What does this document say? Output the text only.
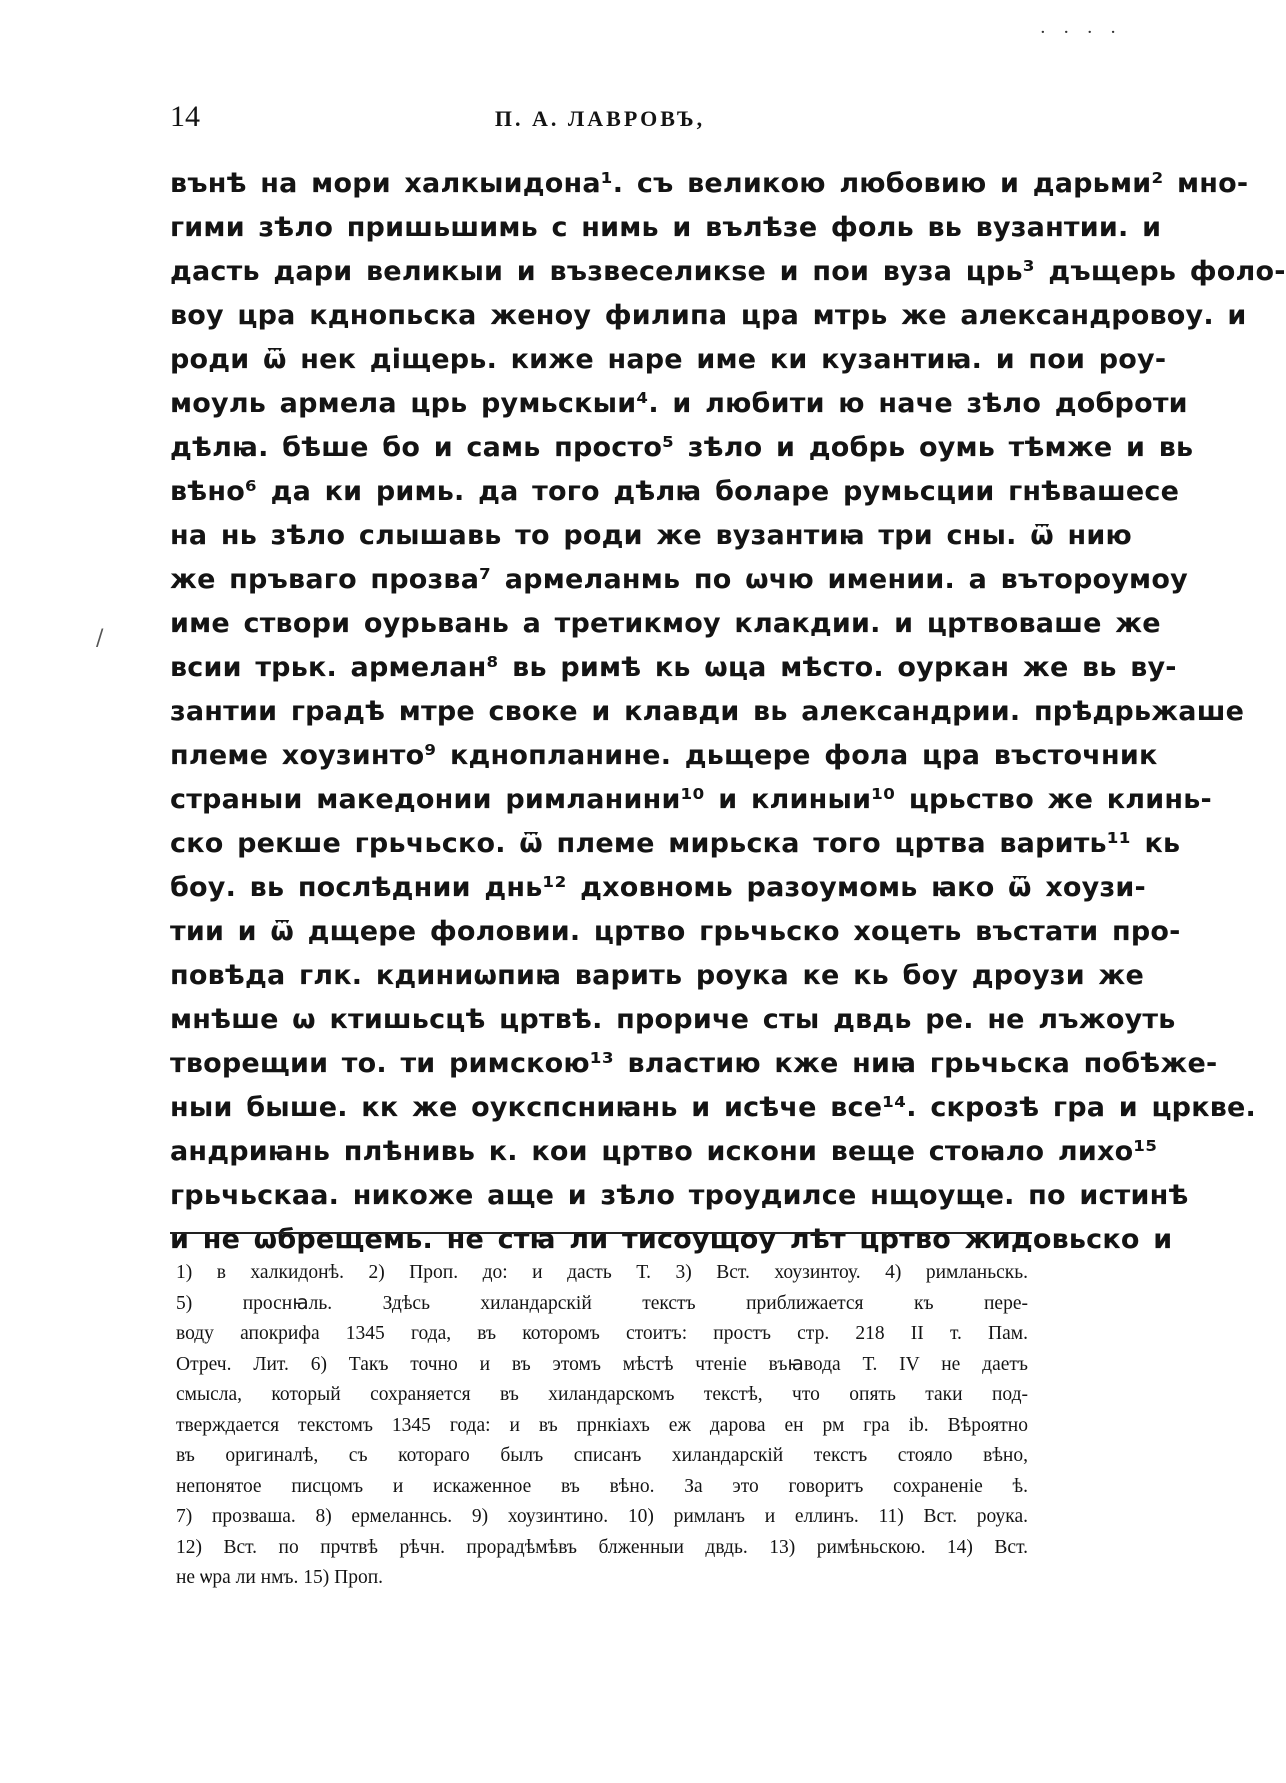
· · · ·
14	П. А. ЛАВРОВЪ,
/
вънѣ на мори халкыидона¹. съ великою любовию и дарьми² мно-
гими зѣло пришьшимь с нимь и вълѣзе фоль вь вузантии. и
дасть дари великыи и възвеселикѕе и пои вуза црь³ дъщерь фоло-
воу цра кднопьска женоу филипа цра мтрь же александровоу. и
роди ѿ нек діщерь. киже наре име ки кузантиꙗ. и пои роу-
моуль армела црь румьскыи⁴. и любити ю наче зѣло доброти
дѣлꙗ. бѣше бо и самь просто⁵ зѣло и добрь оумь тѣмже и вь
вѣно⁶ да ки римь. да того дѣлꙗ боларе румьсции гнѣвашесе
на нь зѣло слышавь то роди же вузантиꙗ три сны. ѿ нию
же пръваго прозва⁷ армеланмь по ѡчю имении. а вътороумоу
име створи оурьвань а третикмоу клакдии. и цртвоваше же
всии трьк. армелан⁸ вь римѣ кь ѡца мѣсто. оуркан же вь ву-
зантии градѣ мтре своке и клавди вь александрии. прѣдрьжаше
племе хоузинто⁹ кднопланине. дьщере фола цра въсточник
страныи македонии римланини¹⁰ и клиныи¹⁰ црьство же клинь-
ско рекше грьчьско. ѿ племе мирьска того цртва варить¹¹ кь
боу. вь послѣднии днь¹² дховномь разоумомь ꙗко ѿ хоузи-
тии и ѿ дщере фоловии. цртво грьчьско хоцеть въстати про-
повѣда глк. кдиниѡпиꙗ варить роука ке кь боу дроузи же
мнѣше ѡ ктишьсцѣ цртвѣ. прориче сты двдь ре. не лъжоуть
творещии то. ти римскою¹³ властию кже ниꙗ грьчьска побѣже-
ныи быше. кк же оукспсниꙗнь и исѣче все¹⁴. скрозѣ гра и цркве.
андриꙗнь плѣнивь к. кои цртво искони веще стоꙗло лихо¹⁵
грьчьскаа. никоже аще и зѣло троудилсе нщоуще. по истинѣ
и не ѡбрещемь. не стꙗ ли тисоущоу лѣт цртво жидовьско и
1) в халкидонѣ. 2) Проп. до: и дасть Т. 3) Вст. хоузинтоу. 4) римланьскь.
5) проснꙗль. Здѣсь хиландарскій текстъ приближается къ пере-
воду апокрифа 1345 года, въ которомъ стоитъ: простъ стр. 218 II т. Пам.
Отреч. Лит. 6) Такъ точно и въ этомъ мѣстѣ чтеніе въꙗвода Т. IV не даетъ
смысла, который сохраняется въ хиландарскомъ текстѣ, что опять таки под-
тверждается текстомъ 1345 года: и въ прнкіахъ еж дарова ен рм гра ib. Вѣроятно
въ оригиналѣ, съ котораго былъ списанъ хиландарскій текстъ стояло вѣно,
непонятое писцомъ и искаженное въ вѣно. За это говоритъ сохраненіе ѣ.
7) прозваша. 8) ермеланнсь. 9) хоузинтино. 10) римланъ и еллинъ. 11) Вст. роука.
12) Вст. по прчтвѣ рѣчн. прорадѣмѣвъ блженныи двдь. 13) римѣньскою. 14) Вст.
не ѡра ли нмъ. 15) Проп.
